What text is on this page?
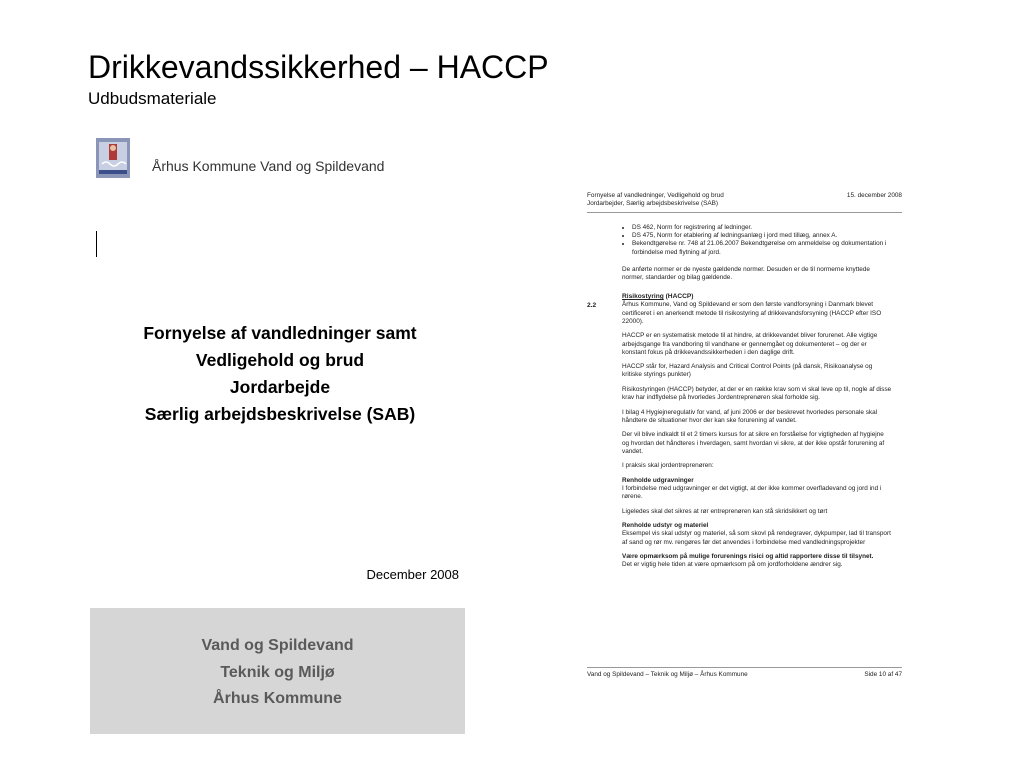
Drikkevandssikkerhed – HACCP
Udbudsmateriale
Århus Kommune Vand og Spildevand
Fornyelse af vandledninger samt
Vedligehold og brud
Jordarbejde
Særlig arbejdsbeskrivelse (SAB)
December 2008
Vand og Spildevand
Teknik og Miljø
Århus Kommune
Fornyelse af vandledninger, Vedligehold og brud
Jordarbejder, Særlig arbejdsbeskrivelse (SAB)
15. december 2008
2.2
• DS 462, Norm for registrering af ledninger.
• DS 475, Norm for etablering af ledningsanlæg i jord med tillæg, annex A.
• Bekendtgørelse nr. 748 af 21.06.2007 Bekendtgørelse om anmeldelse og dokumentation i forbindelse med flytning af jord.

De anførte normer er de nyeste gældende normer. Desuden er de til normerne knyttede normer, standarder og bilag gældende.

Risikostyring (HACCP)

Århus Kommune, Vand og Spildevand er som den første vandforsyning i Danmark blevet certificeret i en anerkendt metode til risikostyring af drikkevandsforsyning (HACCP efter ISO 22000).

HACCP er en systematisk metode til at hindre, at drikkevandet bliver forurenet. Alle vigtige arbejdsgange fra vandboring til vandhane er gennemgået og dokumenteret – og der er konstant fokus på drikkevandssikkerheden i den daglige drift.

HACCP står for, Hazard Analysis and Critical Control Points (på dansk, Risikoanalyse og kritiske styrings punkter)

Risikostyringen (HACCP) betyder, at der er en række krav som vi skal leve op til, nogle af disse krav har indflydelse på hvorledes Jordentreprenøren skal forholde sig.

I bilag 4 Hygiejneregulativ for vand, af juni 2006 er der beskrevet hvorledes personale skal håndtere de situationer hvor der kan ske forurening af vandet.

Der vil blive indkaldt til et 2 timers kursus for at sikre en forståelse for vigtigheden af hygiejne og hvordan det håndteres i hverdagen, samt hvordan vi sikre, at der ikke opstår forurening af vandet.

I praksis skal jordentreprenøren:

Renholde udgravninger

I forbindelse med udgravninger er det vigtigt, at der ikke kommer overfladevand og jord ind i rørene.

Ligeledes skal det sikres at rør entreprenøren kan stå skridsikkert og tørt

Renholde udstyr og materiel

Eksempel vis skal udstyr og materiel, så som skovl på rendegraver, dykpumper, lad til transport af sand og rør mv. rengøres før det anvendes i forbindelse med vandledningsprojekter

Være opmærksom på mulige forurenings risici og altid rapportere disse til tilsynet.

Det er vigtig hele tiden at være opmærksom på om jordforholdene ændrer sig.

Vand og Spildevand – Teknik og Miljø – Århus Kommune	Side 10 af 47
